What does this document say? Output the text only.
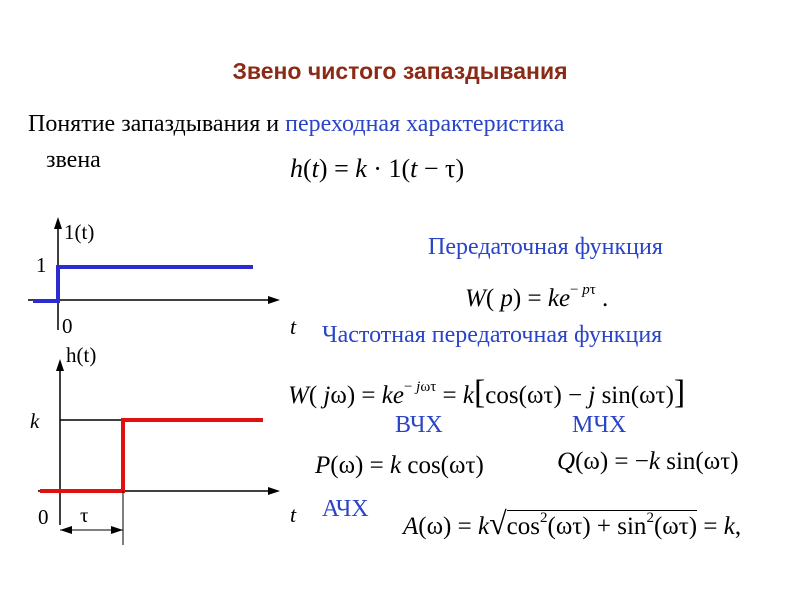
Звено чистого запаздывания
Понятие запаздывания и переходная характеристика
звена	h(t) = k · 1(t − τ)
1(t)
1
0	t
h(t)
k
0 τ	t
Передаточная функция
W( $p) = ke^{- p\tau}$ .
Частотная передаточная функция
W( $j\omega) = ke^{- j\omega\tau} = k[\cos(\omega\tau) - j$ sin(ωτ)]
ВЧХ	МЧХ
P(ω) = k cos(ωτ)	Q(ω) = −k sin(ωτ)
АЧХ
$A(\omega) = k√\cos^2(\omega\tau) + \sin^2(\omega\tau) = k$,
